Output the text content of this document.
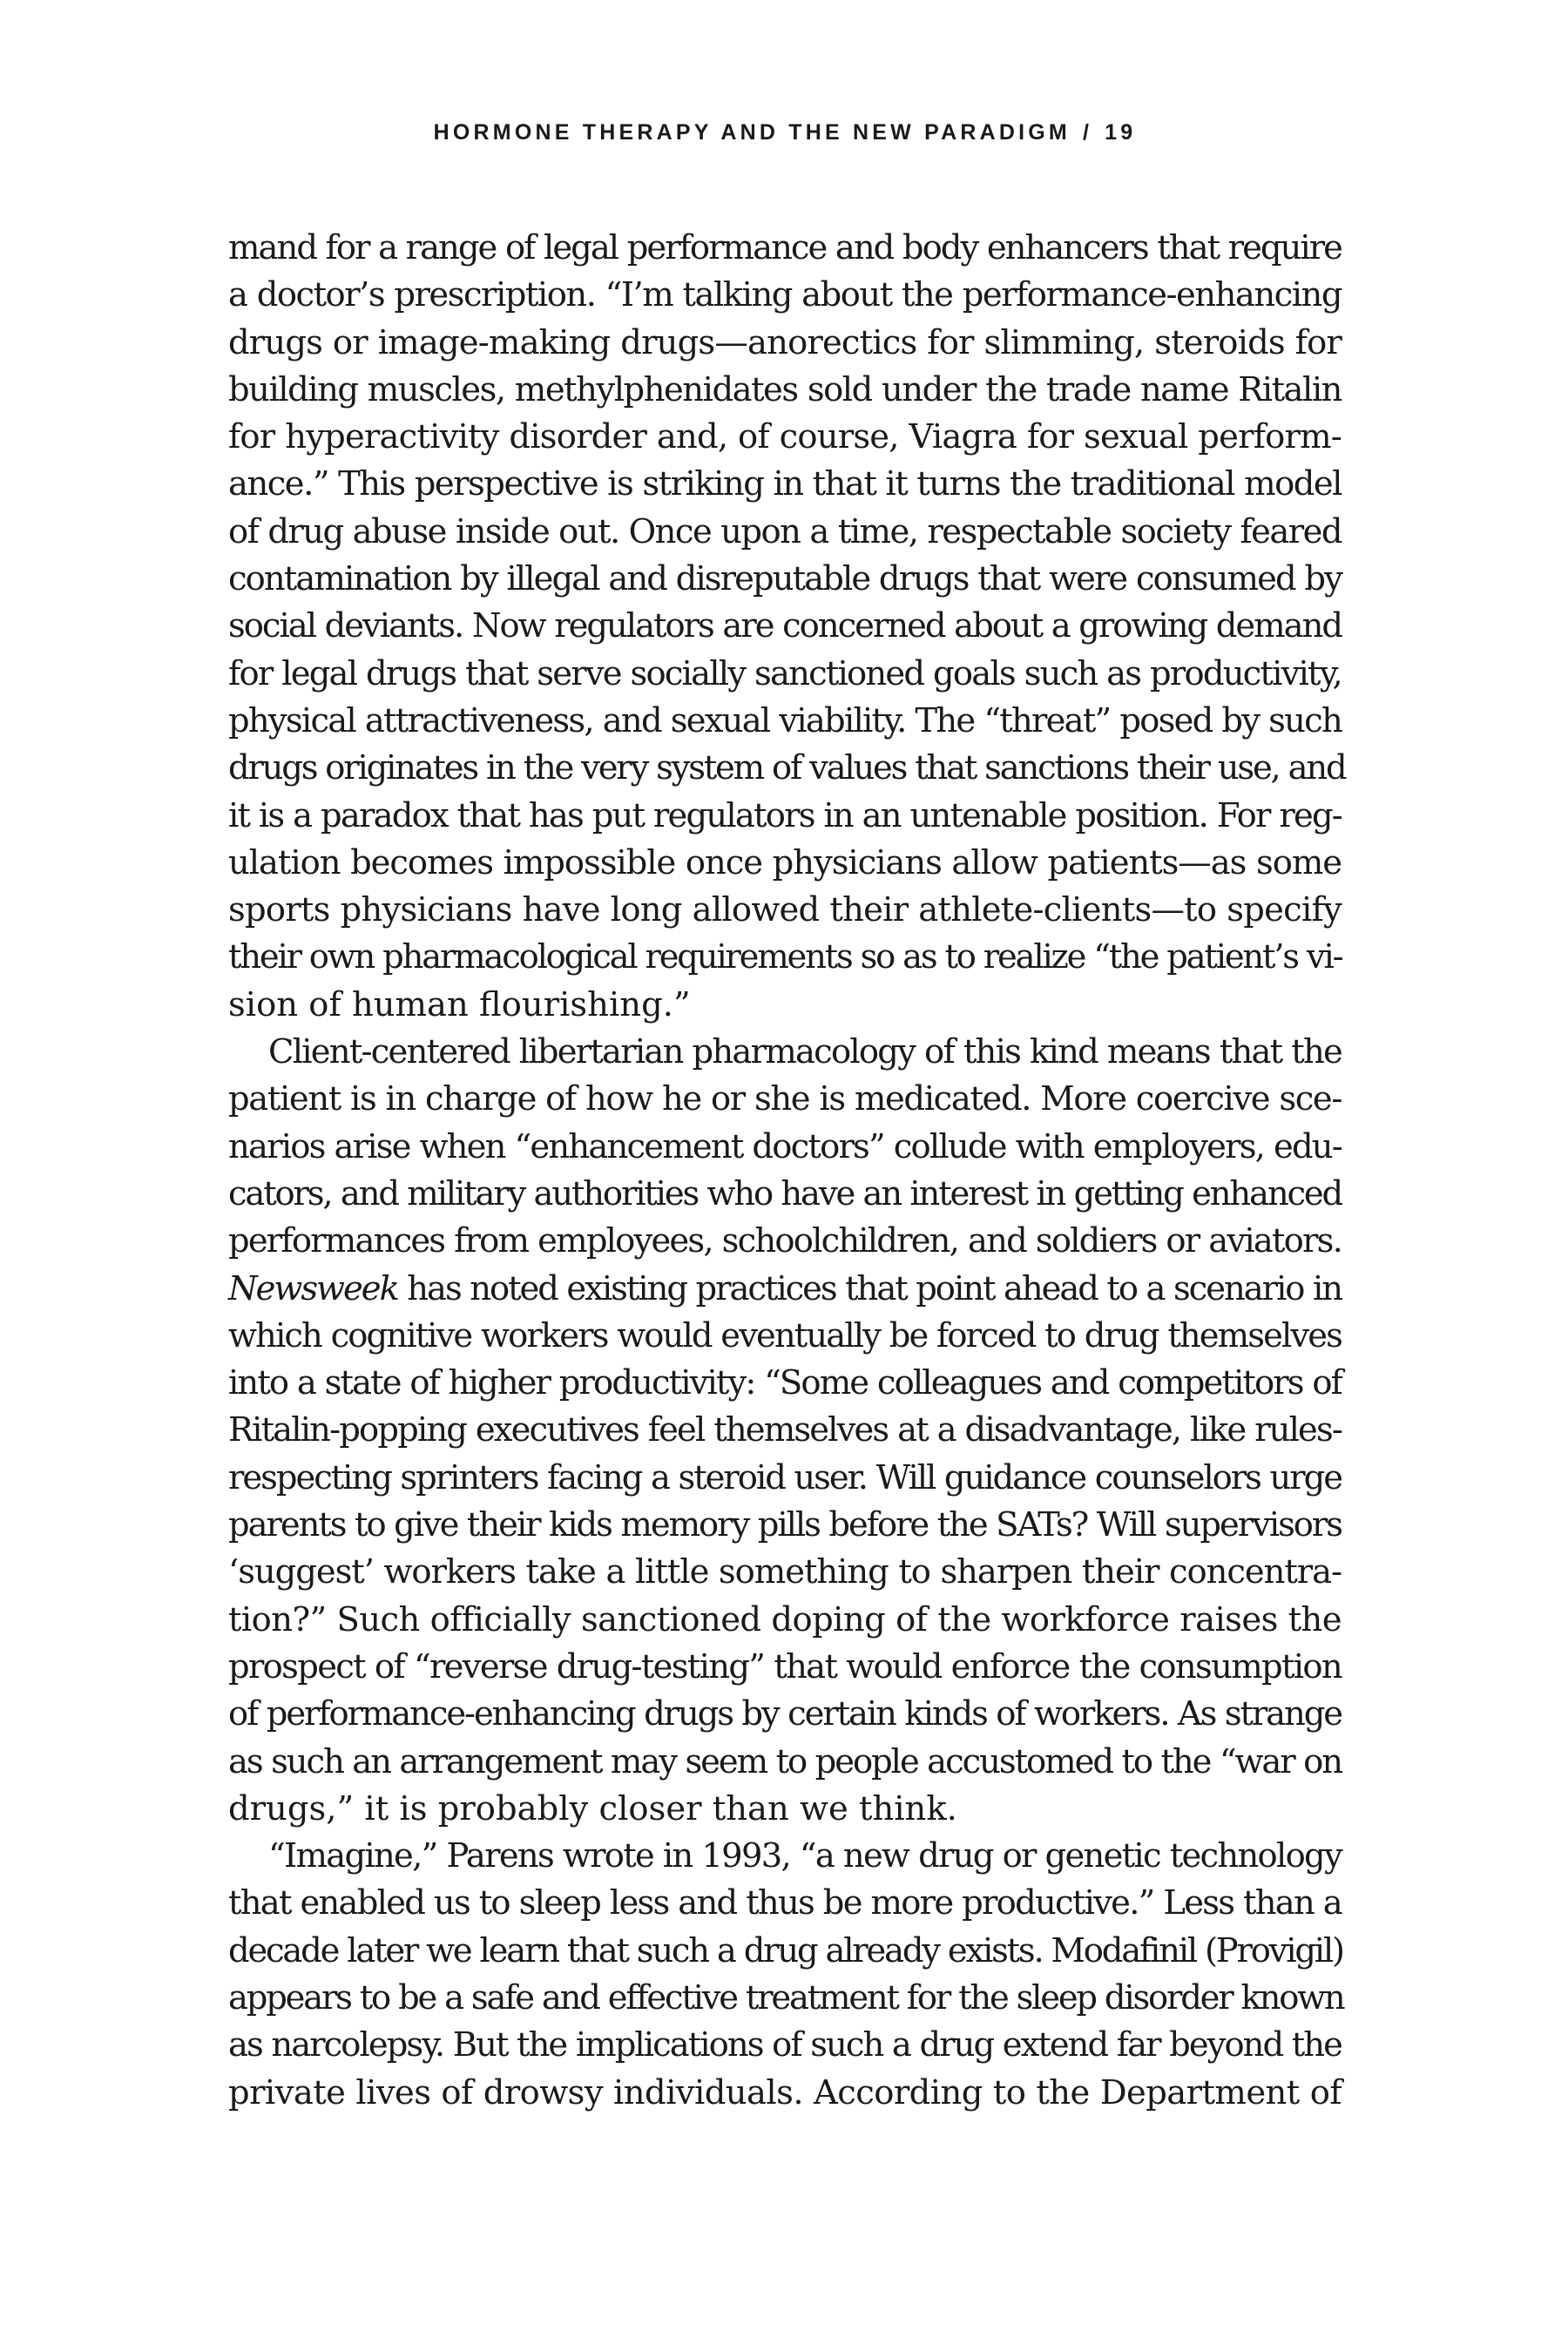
HORMONE THERAPY AND THE NEW PARADIGM / 19
mand for a range of legal performance and body enhancers that require
a doctor’s prescription. “I’m talking about the performance-enhancing
drugs or image-making drugs—anorectics for slimming, steroids for
building muscles, methylphenidates sold under the trade name Ritalin
for hyperactivity disorder and, of course, Viagra for sexual perform-
ance.” This perspective is striking in that it turns the traditional model
of drug abuse inside out. Once upon a time, respectable society feared
contamination by illegal and disreputable drugs that were consumed by
social deviants. Now regulators are concerned about a growing demand
for legal drugs that serve socially sanctioned goals such as productivity,
physical attractiveness, and sexual viability. The “threat” posed by such
drugs originates in the very system of values that sanctions their use, and
it is a paradox that has put regulators in an untenable position. For reg-
ulation becomes impossible once physicians allow patients—as some
sports physicians have long allowed their athlete-clients—to specify
their own pharmacological requirements so as to realize “the patient’s vi-
sion of human flourishing.”
Client-centered libertarian pharmacology of this kind means that the
patient is in charge of how he or she is medicated. More coercive sce-
narios arise when “enhancement doctors” collude with employers, edu-
cators, and military authorities who have an interest in getting enhanced
performances from employees, schoolchildren, and soldiers or aviators.
Newsweek has noted existing practices that point ahead to a scenario in
which cognitive workers would eventually be forced to drug themselves
into a state of higher productivity: “Some colleagues and competitors of
Ritalin-popping executives feel themselves at a disadvantage, like rules-
respecting sprinters facing a steroid user. Will guidance counselors urge
parents to give their kids memory pills before the SATs? Will supervisors
‘suggest’ workers take a little something to sharpen their concentra-
tion?” Such officially sanctioned doping of the workforce raises the
prospect of “reverse drug-testing” that would enforce the consumption
of performance-enhancing drugs by certain kinds of workers. As strange
as such an arrangement may seem to people accustomed to the “war on
drugs,” it is probably closer than we think.
“Imagine,” Parens wrote in 1993, “a new drug or genetic technology
that enabled us to sleep less and thus be more productive.” Less than a
decade later we learn that such a drug already exists. Modafinil (Provigil)
appears to be a safe and effective treatment for the sleep disorder known
as narcolepsy. But the implications of such a drug extend far beyond the
private lives of drowsy individuals. According to the Department of
